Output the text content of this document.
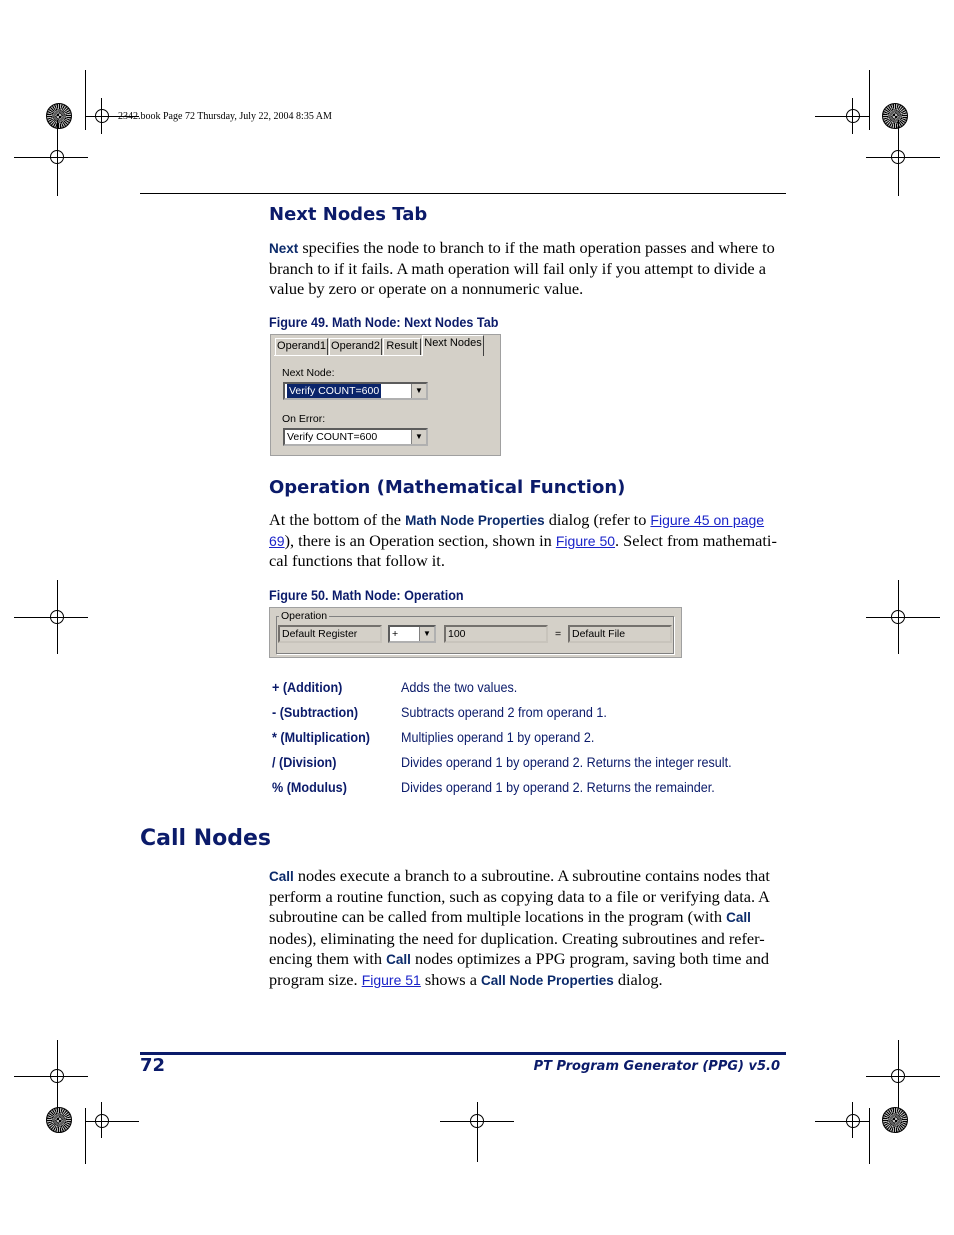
2342.book Page 72 Thursday, July 22, 2004 8:35 AM
Next Nodes Tab
Next specifies the node to branch to if the math operation passes and where to branch to if it fails. A math operation will fail only if you attempt to divide a value by zero or operate on a nonnumeric value.
Figure 49. Math Node: Next Nodes Tab
Operand1 Operand2 Result Next Nodes
Next Node:
Verify COUNT=600	▼
On Error:
Verify COUNT=600	▼
Operation (Mathematical Function)
At the bottom of the Math Node Properties dialog (refer to Figure 45 on page 69), there is an Operation section, shown in Figure 50. Select from mathemati-cal functions that follow it.
Figure 50. Math Node: Operation
Operation
Default Register	+	▼	100	=	Default File
+ (Addition)	Adds the two values.
- (Subtraction)	Subtracts operand 2 from operand 1.
* (Multiplication) Multiplies operand 1 by operand 2.
/ (Division)	Divides operand 1 by operand 2. Returns the integer result.
% (Modulus)	Divides operand 1 by operand 2. Returns the remainder.
Call Nodes
Call nodes execute a branch to a subroutine. A subroutine contains nodes that perform a routine function, such as copying data to a file or verifying data. A subroutine can be called from multiple locations in the program (with Call nodes), eliminating the need for duplication. Creating subroutines and refer-encing them with Call nodes optimizes a PPG program, saving both time and program size. Figure 51 shows a Call Node Properties dialog.
72	PT Program Generator (PPG) v5.0
